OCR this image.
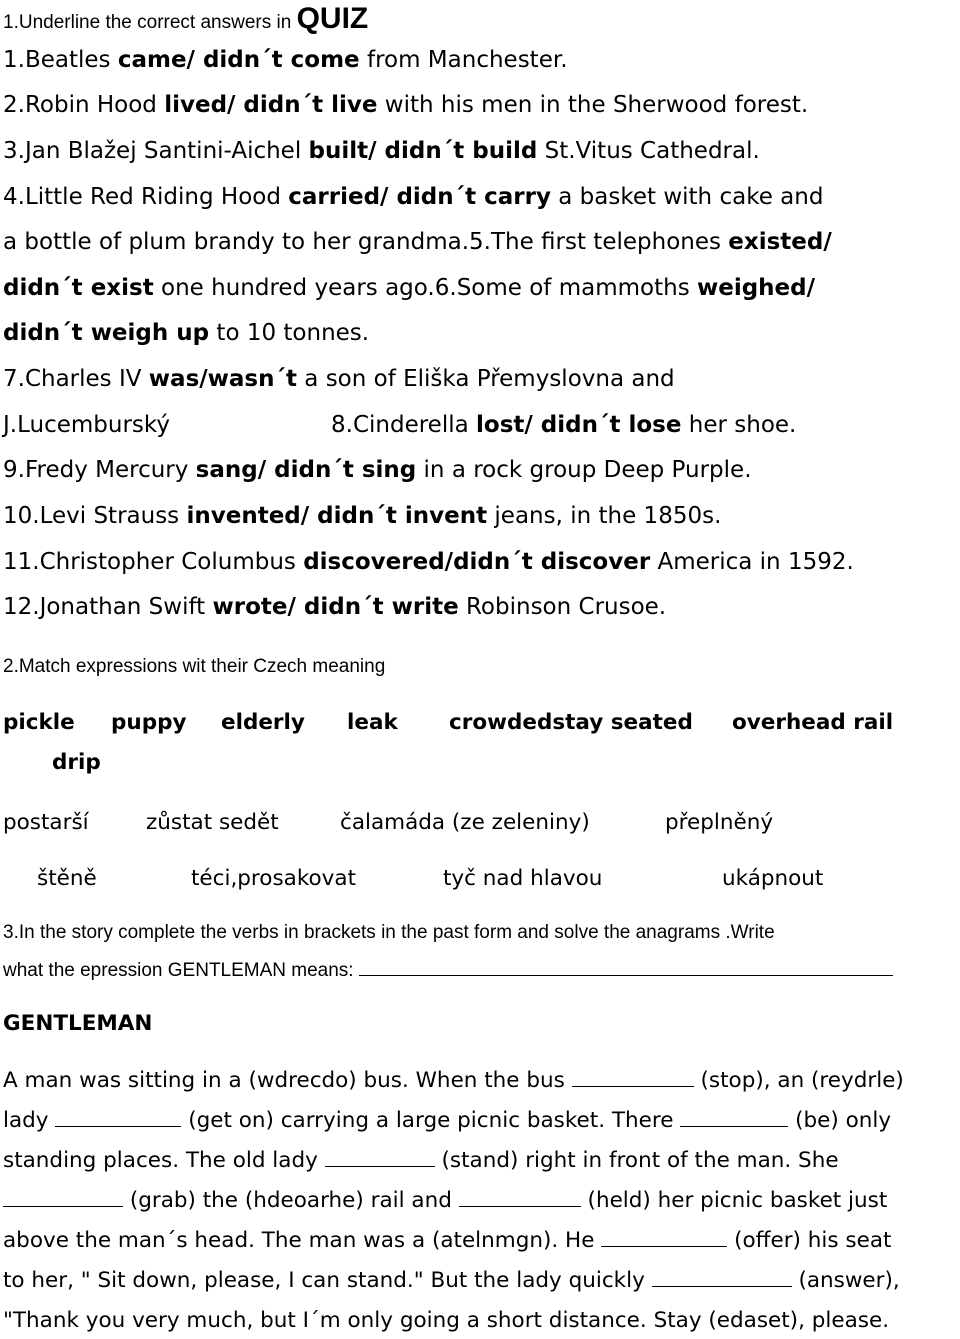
1.Underline the correct answers in QUIZ
1.Beatles came/ didn´t come from Manchester.
2.Robin Hood lived/ didn´t live with his men in the Sherwood forest.
3.Jan Blažej Santini-Aichel built/ didn´t build St.Vitus Cathedral.
4.Little Red Riding Hood carried/ didn´t carry a basket with cake and
a bottle of plum brandy to her grandma.5.The first telephones existed/
didn´t exist one hundred years ago.6.Some of mammoths weighed/
didn´t weigh up to 10 tonnes.
7.Charles IV was/wasn´t a son of Eliška Přemyslovna and
J.Lucemburský	8.Cinderella lost/ didn´t lose her shoe.
9.Fredy Mercury sang/ didn´t sing in a rock group Deep Purple.
10.Levi Strauss invented/ didn´t invent jeans, in the 1850s.
11.Christopher Columbus discovered/didn´t discover America in 1592.
12.Jonathan Swift wrote/ didn´t write Robinson Crusoe.
2.Match expressions wit their Czech meaning
pickle puppy elderly leak crowdedstay seated overhead rail
drip
postarší	zůstat sedět	čalamáda (ze zeleniny)	přeplněný
štěně	téci,prosakovat	tyč nad hlavou	ukápnout
3.In the story complete the verbs in brackets in the past form and solve the anagrams .Write
what the epression GENTLEMAN means:
GENTLEMAN
A man was sitting in a (wdrecdo) bus. When the bus	(stop), an (reydrle)
lady	(get on) carrying a large picnic basket. There	(be) only
standing places. The old lady	(stand) right in front of the man. She
(grab) the (hdeoarhe) rail and	(held) her picnic basket just
above the man´s head. The man was a (atelnmgn). He	(offer) his seat
to her, " Sit down, please, I can stand." But the lady quickly	(answer),
"Thank you very much, but I´m only going a short distance. Stay (edaset), please.
